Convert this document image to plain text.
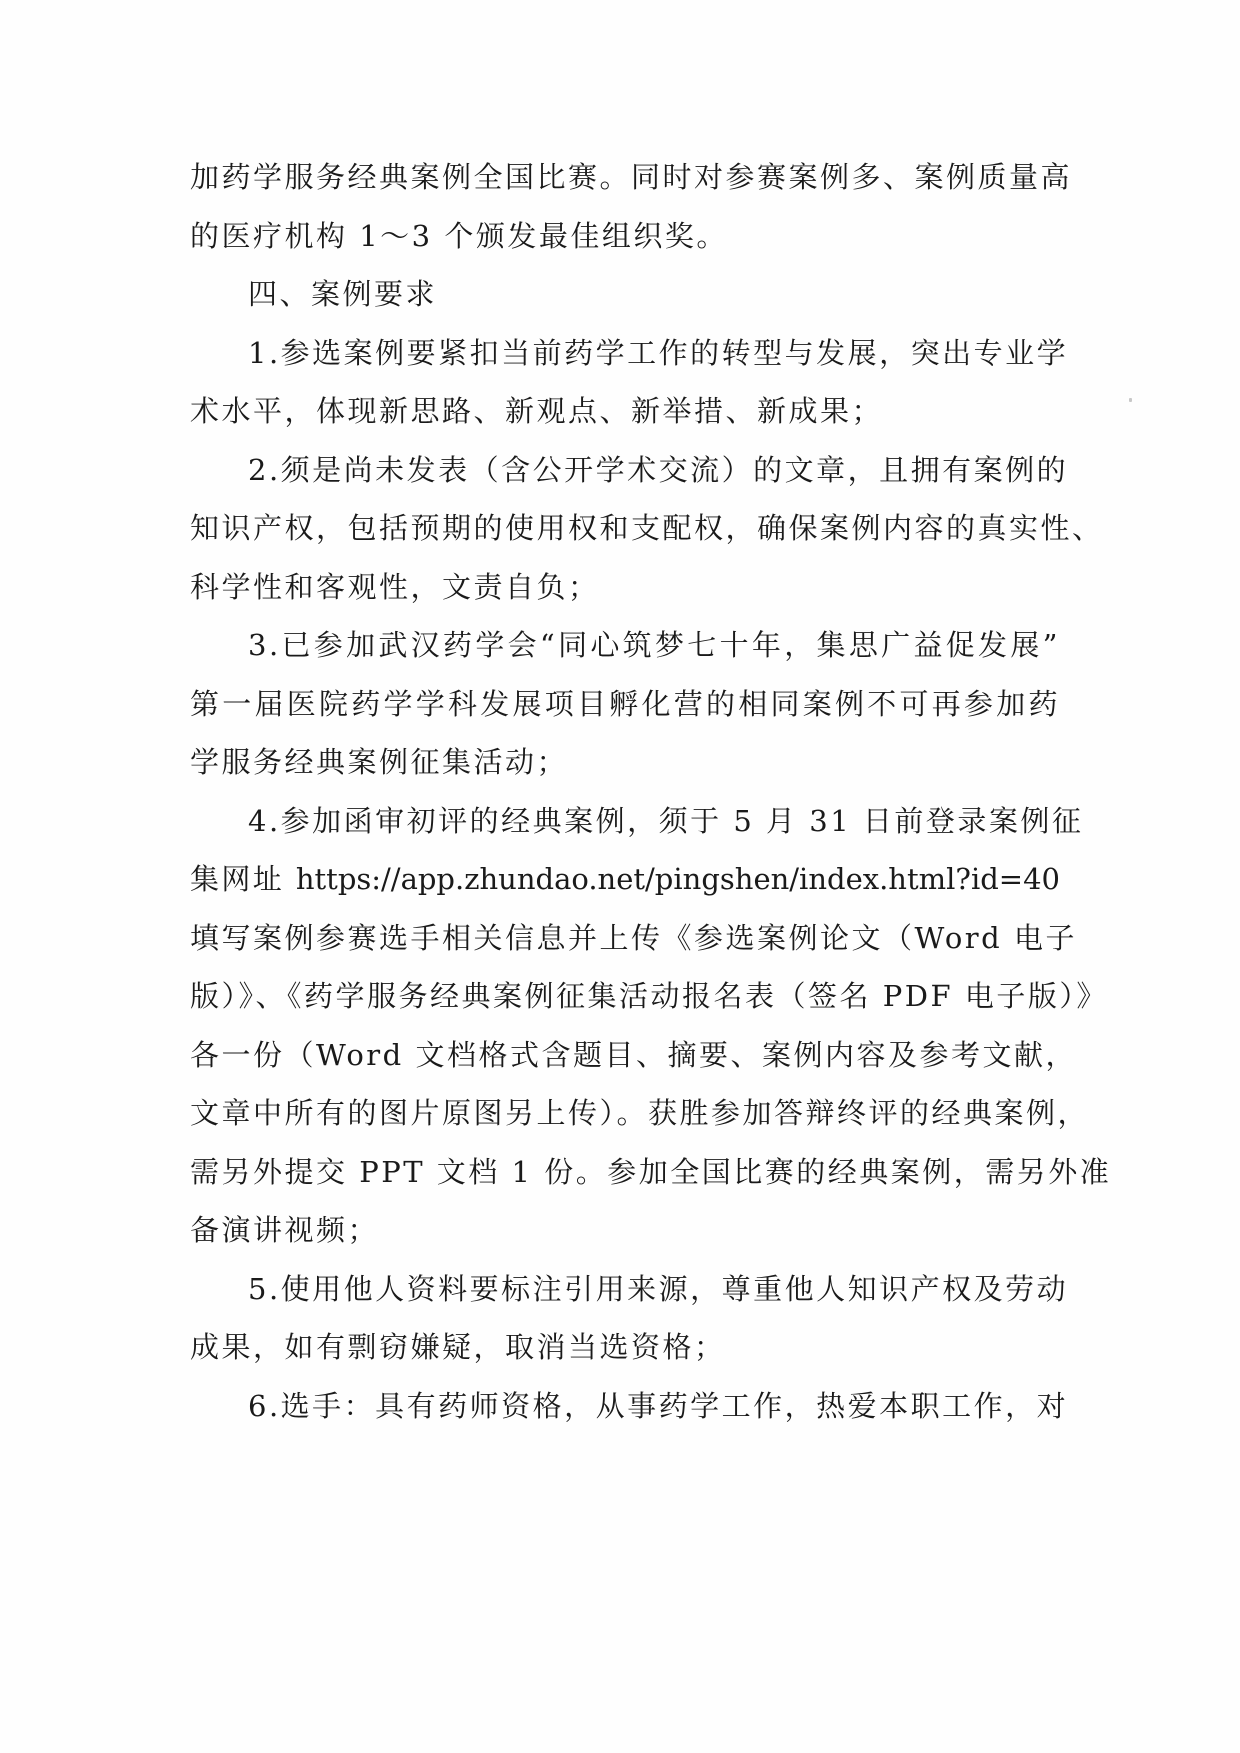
加药学服务经典案例全国比赛。同时对参赛案例多、案例质量高
的医疗机构 1～3 个颁发最佳组织奖。
四、案例要求
1.参选案例要紧扣当前药学工作的转型与发展，突出专业学
术水平，体现新思路、新观点、新举措、新成果；
2.须是尚未发表（含公开学术交流）的文章，且拥有案例的
知识产权，包括预期的使用权和支配权，确保案例内容的真实性、
科学性和客观性，文责自负；
3.已参加武汉药学会“同心筑梦七十年，集思广益促发展”
第一届医院药学学科发展项目孵化营的相同案例不可再参加药
学服务经典案例征集活动；
4.参加函审初评的经典案例，须于 5 月 31 日前登录案例征
集网址 https://app.zhundao.net/pingshen/index.html?id=40
填写案例参赛选手相关信息并上传《参选案例论文（Word 电子
版）》、《药学服务经典案例征集活动报名表（签名 PDF 电子版）》
各一份（Word 文档格式含题目、摘要、案例内容及参考文献，
文章中所有的图片原图另上传）。获胜参加答辩终评的经典案例，
需另外提交 PPT 文档 1 份。参加全国比赛的经典案例，需另外准
备演讲视频；
5.使用他人资料要标注引用来源，尊重他人知识产权及劳动
成果，如有剽窃嫌疑，取消当选资格；
6.选手：具有药师资格，从事药学工作，热爱本职工作，对
